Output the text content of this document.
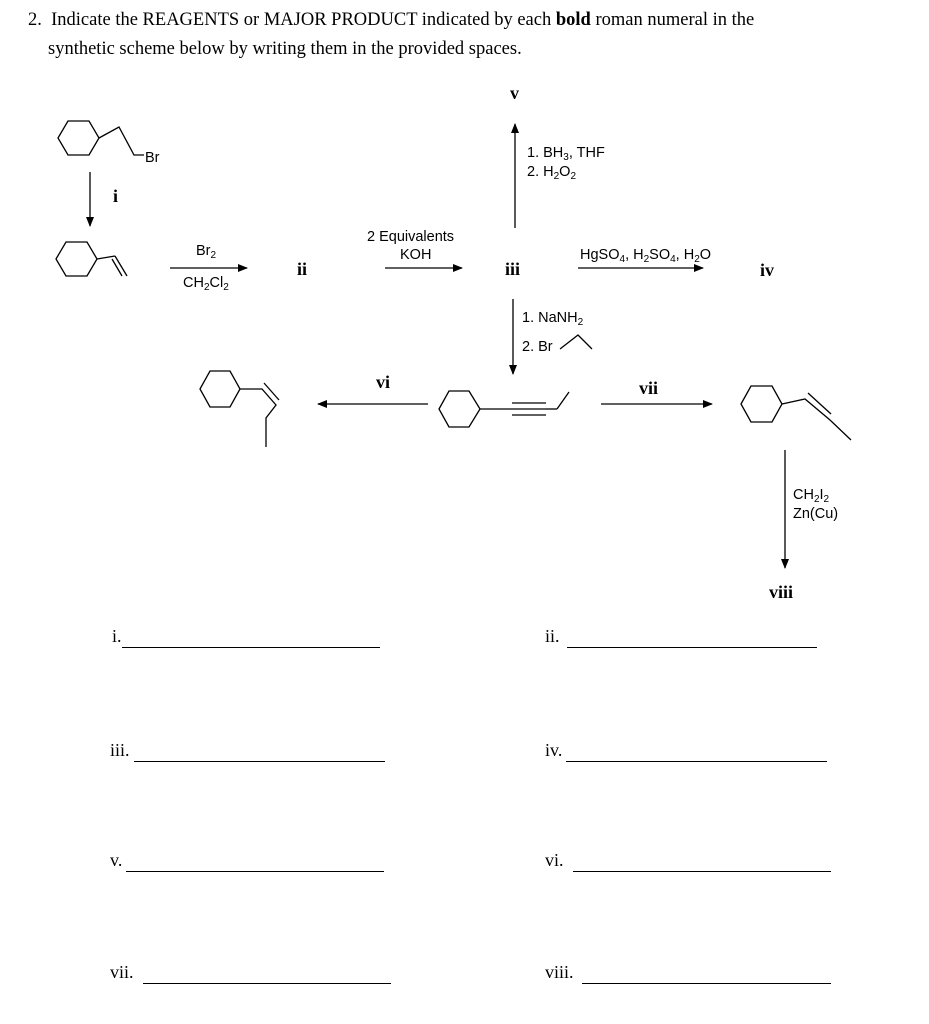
2. Indicate the REAGENTS or MAJOR PRODUCT indicated by each bold roman numeral in the
synthetic scheme below by writing them in the provided spaces.
Br
i
ii	iii	iv
v
vi	vii
viii
$Br_2$
$CH_2Cl_2$
2 Equivalents
KOH
1. $BH_3$, THF
2. $H_2O_2$
HgSO$_4$, $H_2SO_4$, $H_2O$
1. NaNH$_2$
2. Br
$CH_2I_2$
Zn(Cu)
i.	ii.
iii.	iv.
v.	vi.
vii.	viii.
